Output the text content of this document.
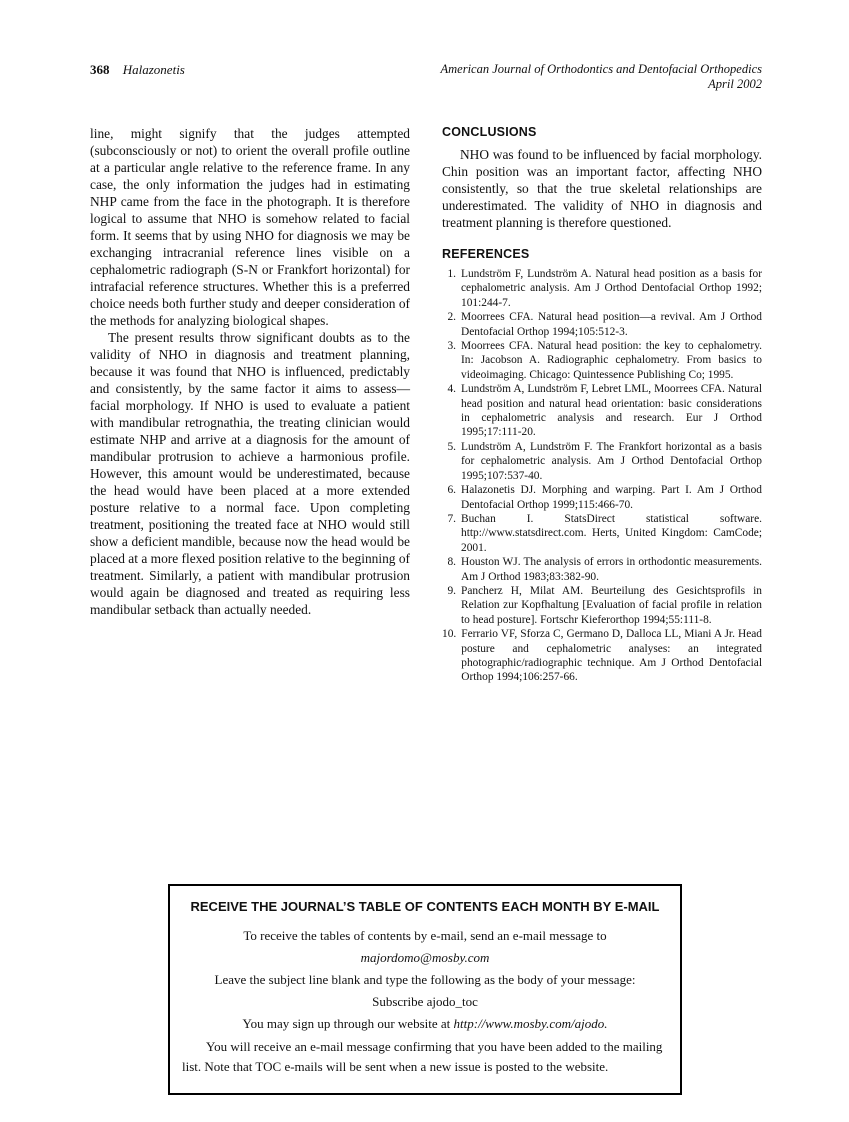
368 Halazonetis	American Journal of Orthodontics and Dentofacial Orthopedics
April 2002

line, might signify that the judges attempted (subconsciously or not) to orient the overall profile outline at a particular angle relative to the reference frame. In any case, the only information the judges had in estimating NHP came from the face in the photograph. It is therefore logical to assume that NHO is somehow related to facial form. It seems that by using NHO for diagnosis we may be exchanging intracranial reference lines visible on a cephalometric radiograph (S-N or Frankfort horizontal) for intrafacial reference structures. Whether this is a preferred choice needs both further study and deeper consideration of the methods for analyzing biological shapes.

The present results throw significant doubts as to the validity of NHO in diagnosis and treatment planning, because it was found that NHO is influenced, predictably and consistently, by the same factor it aims to assess—facial morphology. If NHO is used to evaluate a patient with mandibular retrognathia, the treating clinician would estimate NHP and arrive at a diagnosis for the amount of mandibular protrusion to achieve a harmonious profile. However, this amount would be underestimated, because the head would have been placed at a more extended posture relative to a normal face. Upon completing treatment, positioning the treated face at NHO would still show a deficient mandible, because now the head would be placed at a more flexed position relative to the beginning of treatment. Similarly, a patient with mandibular protrusion would again be diagnosed and treated as requiring less mandibular setback than actually needed.

CONCLUSIONS

NHO was found to be influenced by facial morphology. Chin position was an important factor, affecting NHO consistently, so that the true skeletal relationships are underestimated. The validity of NHO in diagnosis and treatment planning is therefore questioned.

REFERENCES
1. Lundström F, Lundström A. Natural head position as a basis for cephalometric analysis. Am J Orthod Dentofacial Orthop 1992; 101:244-7.
2. Moorrees CFA. Natural head position—a revival. Am J Orthod Dentofacial Orthop 1994;105:512-3.
3. Moorrees CFA. Natural head position: the key to cephalometry. In: Jacobson A. Radiographic cephalometry. From basics to videoimaging. Chicago: Quintessence Publishing Co; 1995.
4. Lundström A, Lundström F, Lebret LML, Moorrees CFA. Natural head position and natural head orientation: basic considerations in cephalometric analysis and research. Eur J Orthod 1995;17:111-20.
5. Lundström A, Lundström F. The Frankfort horizontal as a basis for cephalometric analysis. Am J Orthod Dentofacial Orthop 1995;107:537-40.
6. Halazonetis DJ. Morphing and warping. Part I. Am J Orthod Dentofacial Orthop 1999;115:466-70.
7. Buchan I. StatsDirect statistical software. http://www.statsdirect.com. Herts, United Kingdom: CamCode; 2001.
8. Houston WJ. The analysis of errors in orthodontic measurements. Am J Orthod 1983;83:382-90.
9. Pancherz H, Milat AM. Beurteilung des Gesichtsprofils in Relation zur Kopfhaltung [Evaluation of facial profile in relation to head posture]. Fortschr Kieferorthop 1994;55:111-8.
10. Ferrario VF, Sforza C, Germano D, Dalloca LL, Miani A Jr. Head posture and cephalometric analyses: an integrated photographic/radiographic technique. Am J Orthod Dentofacial Orthop 1994;106:257-66.
RECEIVE THE JOURNAL’S TABLE OF CONTENTS EACH MONTH BY E-MAIL
To receive the tables of contents by e-mail, send an e-mail message to
majordomo@mosby.com
Leave the subject line blank and type the following as the body of your message:
Subscribe ajodo_toc
You may sign up through our website at http://www.mosby.com/ajodo.
You will receive an e-mail message confirming that you have been added to the mailing list. Note that TOC e-mails will be sent when a new issue is posted to the website.
